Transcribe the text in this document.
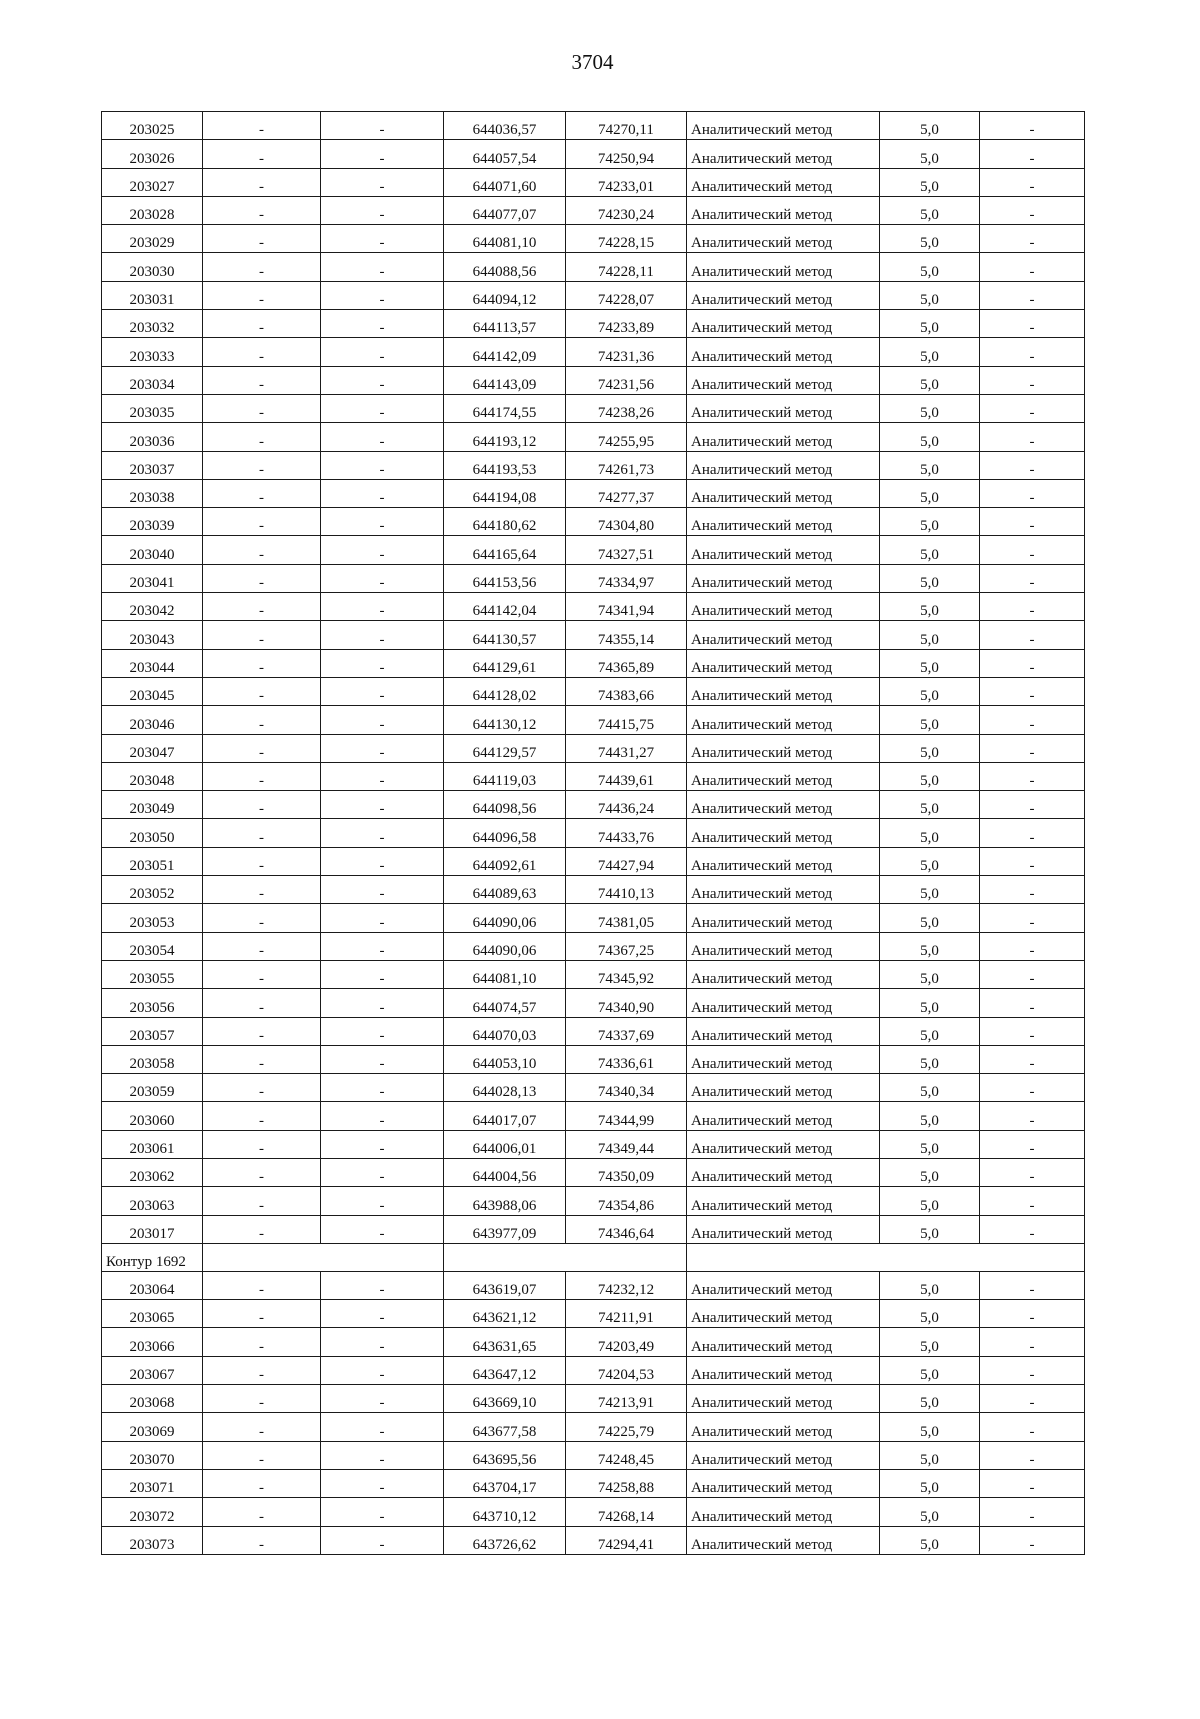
3704
203025	-	-	644036,57	74270,11	Аналитический метод	5,0	-
203026	-	-	644057,54	74250,94	Аналитический метод	5,0	-
203027	-	-	644071,60	74233,01	Аналитический метод	5,0	-
203028	-	-	644077,07	74230,24	Аналитический метод	5,0	-
203029	-	-	644081,10	74228,15	Аналитический метод	5,0	-
203030	-	-	644088,56	74228,11	Аналитический метод	5,0	-
203031	-	-	644094,12	74228,07	Аналитический метод	5,0	-
203032	-	-	644113,57	74233,89	Аналитический метод	5,0	-
203033	-	-	644142,09	74231,36	Аналитический метод	5,0	-
203034	-	-	644143,09	74231,56	Аналитический метод	5,0	-
203035	-	-	644174,55	74238,26	Аналитический метод	5,0	-
203036	-	-	644193,12	74255,95	Аналитический метод	5,0	-
203037	-	-	644193,53	74261,73	Аналитический метод	5,0	-
203038	-	-	644194,08	74277,37	Аналитический метод	5,0	-
203039	-	-	644180,62	74304,80	Аналитический метод	5,0	-
203040	-	-	644165,64	74327,51	Аналитический метод	5,0	-
203041	-	-	644153,56	74334,97	Аналитический метод	5,0	-
203042	-	-	644142,04	74341,94	Аналитический метод	5,0	-
203043	-	-	644130,57	74355,14	Аналитический метод	5,0	-
203044	-	-	644129,61	74365,89	Аналитический метод	5,0	-
203045	-	-	644128,02	74383,66	Аналитический метод	5,0	-
203046	-	-	644130,12	74415,75	Аналитический метод	5,0	-
203047	-	-	644129,57	74431,27	Аналитический метод	5,0	-
203048	-	-	644119,03	74439,61	Аналитический метод	5,0	-
203049	-	-	644098,56	74436,24	Аналитический метод	5,0	-
203050	-	-	644096,58	74433,76	Аналитический метод	5,0	-
203051	-	-	644092,61	74427,94	Аналитический метод	5,0	-
203052	-	-	644089,63	74410,13	Аналитический метод	5,0	-
203053	-	-	644090,06	74381,05	Аналитический метод	5,0	-
203054	-	-	644090,06	74367,25	Аналитический метод	5,0	-
203055	-	-	644081,10	74345,92	Аналитический метод	5,0	-
203056	-	-	644074,57	74340,90	Аналитический метод	5,0	-
203057	-	-	644070,03	74337,69	Аналитический метод	5,0	-
203058	-	-	644053,10	74336,61	Аналитический метод	5,0	-
203059	-	-	644028,13	74340,34	Аналитический метод	5,0	-
203060	-	-	644017,07	74344,99	Аналитический метод	5,0	-
203061	-	-	644006,01	74349,44	Аналитический метод	5,0	-
203062	-	-	644004,56	74350,09	Аналитический метод	5,0	-
203063	-	-	643988,06	74354,86	Аналитический метод	5,0	-
203017	-	-	643977,09	74346,64	Аналитический метод	5,0	-
Контур 1692							
203064	-	-	643619,07	74232,12	Аналитический метод	5,0	-
203065	-	-	643621,12	74211,91	Аналитический метод	5,0	-
203066	-	-	643631,65	74203,49	Аналитический метод	5,0	-
203067	-	-	643647,12	74204,53	Аналитический метод	5,0	-
203068	-	-	643669,10	74213,91	Аналитический метод	5,0	-
203069	-	-	643677,58	74225,79	Аналитический метод	5,0	-
203070	-	-	643695,56	74248,45	Аналитический метод	5,0	-
203071	-	-	643704,17	74258,88	Аналитический метод	5,0	-
203072	-	-	643710,12	74268,14	Аналитический метод	5,0	-
203073	-	-	643726,62	74294,41	Аналитический метод	5,0	-
